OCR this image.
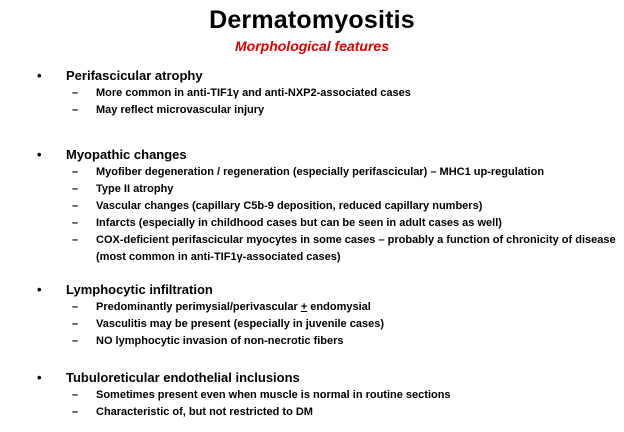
Dermatomyositis
Morphological features
• Perifascicular atrophy
– More common in anti-TIF1γ and anti-NXP2-associated cases
– May reflect microvascular injury
• Myopathic changes
– Myofiber degeneration / regeneration (especially perifascicular) – MHC1 up-regulation
– Type II atrophy
– Vascular changes (capillary C5b-9 deposition, reduced capillary numbers)
– Infarcts (especially in childhood cases but can be seen in adult cases as well)
– COX-deficient perifascicular myocytes in some cases – probably a function of chronicity of disease (most common in anti-TIF1γ-associated cases)
• Lymphocytic infiltration
– Predominantly perimysial/perivascular + endomysial
– Vasculitis may be present (especially in juvenile cases)
– NO lymphocytic invasion of non-necrotic fibers
• Tubuloreticular endothelial inclusions
– Sometimes present even when muscle is normal in routine sections
– Characteristic of, but not restricted to DM
